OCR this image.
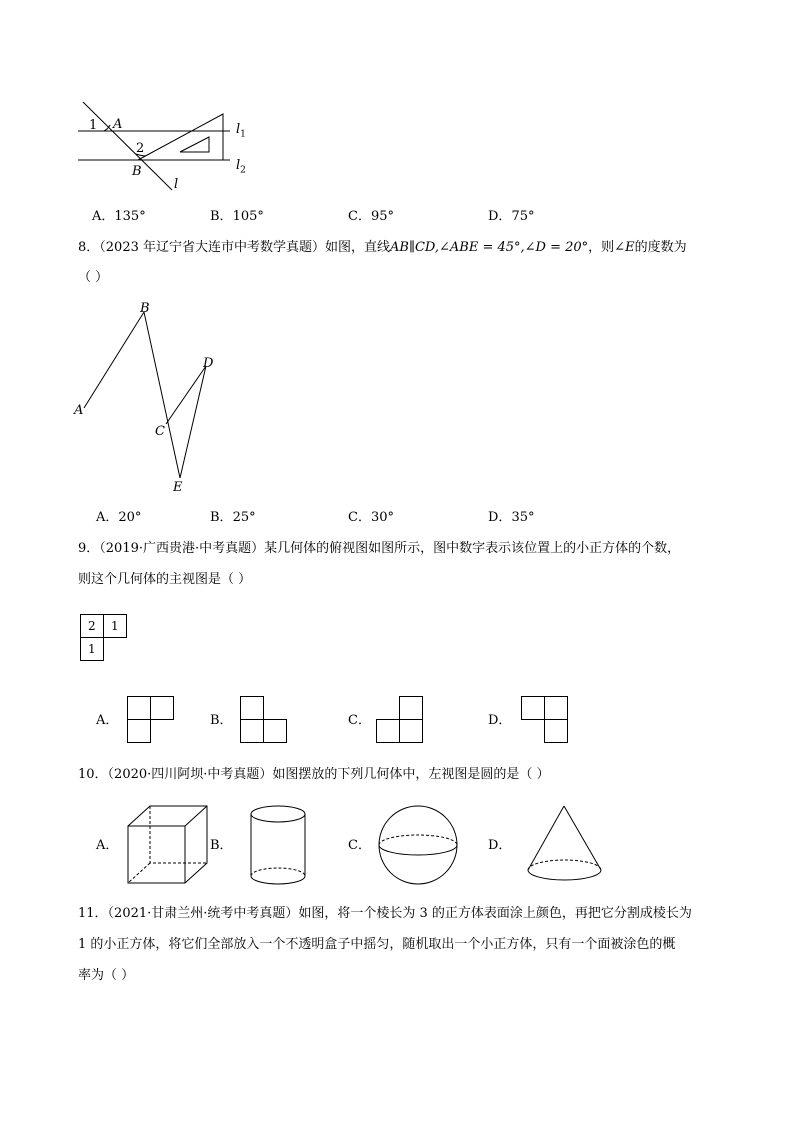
1 A
2
B
$l_1$
$l_2$
l
A．135°	B．105°	C．95°	D．75°
8．（2023 年辽宁省大连市中考数学真题）如图，直线AB∥CD,∠ABE = 45°,∠D = 20°，则∠E的度数为
（ ）
A
B
C
D
E
A．20°	B．25°	C．30°	D．35°
9．（2019·广西贵港·中考真题）某几何体的俯视图如图所示，图中数字表示该位置上的小正方体的个数，
则这个几何体的主视图是（ ）
2 1
1
A．	B．	C．	D．
10．（2020·四川阿坝·中考真题）如图摆放的下列几何体中，左视图是圆的是（ ）
A．	B．	C．	D．
11．（2021·甘肃兰州·统考中考真题）如图，将一个棱长为 3 的正方体表面涂上颜色，再把它分割成棱长为
1 的小正方体，将它们全部放入一个不透明盒子中摇匀，随机取出一个小正方体，只有一个面被涂色的概
率为（ ）
